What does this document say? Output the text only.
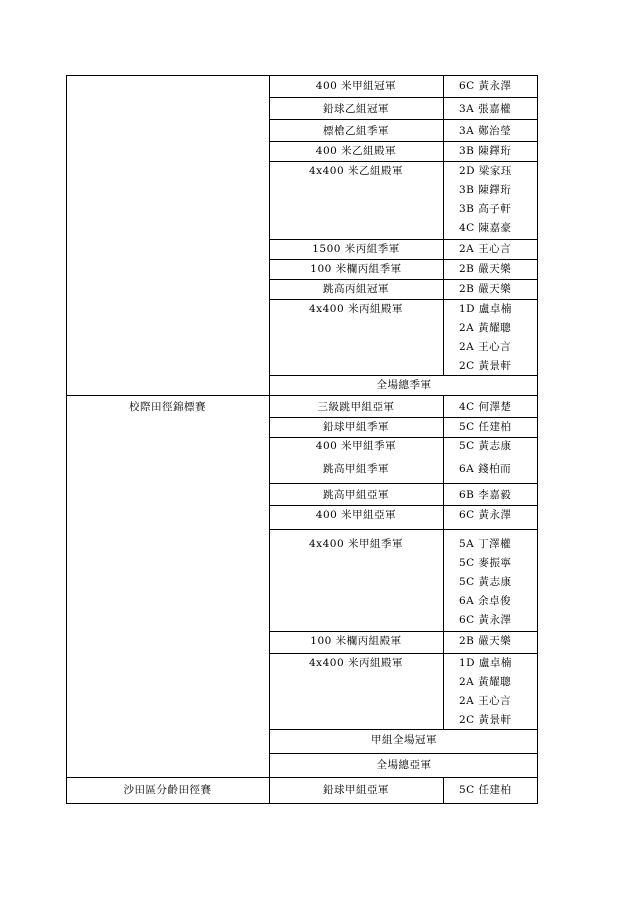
校際田徑錦標賽
沙田區分齡田徑賽
400 米甲組冠軍
鉛球乙組冠軍
標槍乙組季軍
400 米乙組殿軍
4x400 米乙組殿軍
1500 米丙組季軍
100 米欄丙組季軍
跳高丙組冠軍
4x400 米丙組殿軍
全場總季軍
三級跳甲組亞軍
鉛球甲組季軍
400 米甲組季軍
跳高甲組季軍
跳高甲組亞軍
400 米甲組亞軍
4x400 米甲組季軍
100 米欄丙組殿軍
4x400 米丙組殿軍
甲組全場冠軍
全場總亞軍
鉛球甲組亞軍
6C 黃永澤
3A 張嘉權
3A 鄭治瑩
3B 陳鐸珩
2D 梁家珏
3B 陳鐸珩
3B 高子軒
4C 陳嘉豪
2A 王心言
2B 嚴天樂
2B 嚴天樂
1D 盧卓楠
2A 黃耀聰
2A 王心言
2C 黃景軒
4C 何澤楚
5C 任建柏
5C 黃志康
6A 錢柏而
6B 李嘉毅
6C 黃永澤
5A 丁澤權
5C 麥振寧
5C 黃志康
6A 余卓俊
6C 黃永澤
2B 嚴天樂
1D 盧卓楠
2A 黃耀聰
2A 王心言
2C 黃景軒
5C 任建柏
